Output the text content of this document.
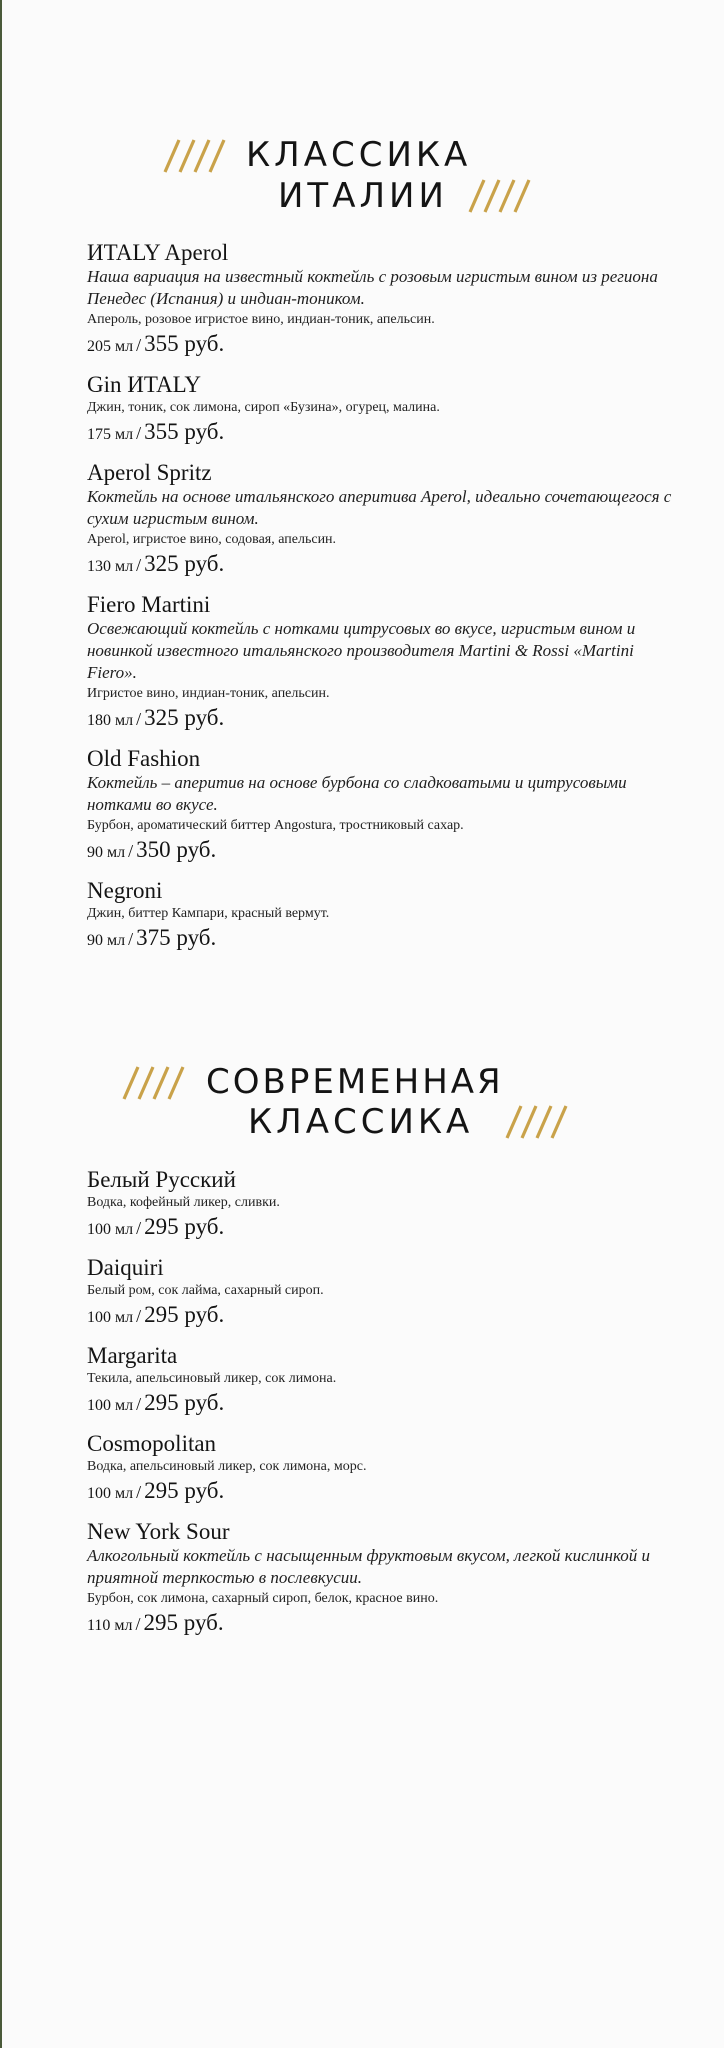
КЛАССИКА
ИТАЛИИ

ИTALY Aperol

Наша вариация на известный коктейль с розовым игристым вином из региона Пенедес (Испания) и индиан-тоником.

Апероль, розовое игристое вино, индиан-тоник, апельсин.

205 мл / 355 руб.

Gin ИTALY

Джин, тоник, сок лимона, сироп «Бузина», огурец, малина.

175 мл / 355 руб.

Aperol Spritz

Коктейль на основе итальянского аперитива Aperol, идеально сочетающегося с сухим игристым вином.

Aperol, игристое вино, содовая, апельсин.

130 мл / 325 руб.

Fiero Martini

Освежающий коктейль с нотками цитрусовых во вкусе, игристым вином и новинкой известного итальянского производителя Martini & Rossi «Martini Fiero».

Игристое вино, индиан-тоник, апельсин.

180 мл / 325 руб.

Old Fashion

Коктейль – аперитив на основе бурбона со сладковатыми и цитрусовыми нотками во вкусе.

Бурбон, ароматический биттер Angostura, тростниковый сахар.

90 мл / 350 руб.

Negroni

Джин, биттер Кампари, красный вермут.

90 мл / 375 руб.

СОВРЕМЕННАЯ
КЛАССИКА

Белый Русский

Водка, кофейный ликер, сливки.

100 мл / 295 руб.

Daiquiri

Белый ром, сок лайма, сахарный сироп.

100 мл / 295 руб.

Margarita

Текила, апельсиновый ликер, сок лимона.

100 мл / 295 руб.

Cosmopolitan

Водка, апельсиновый ликер, сок лимона, морс.

100 мл / 295 руб.

New York Sour

Алкогольный коктейль с насыщенным фруктовым вкусом, легкой кислинкой и приятной терпкостью в послевкусии.

Бурбон, сок лимона, сахарный сироп, белок, красное вино.

110 мл / 295 руб.
